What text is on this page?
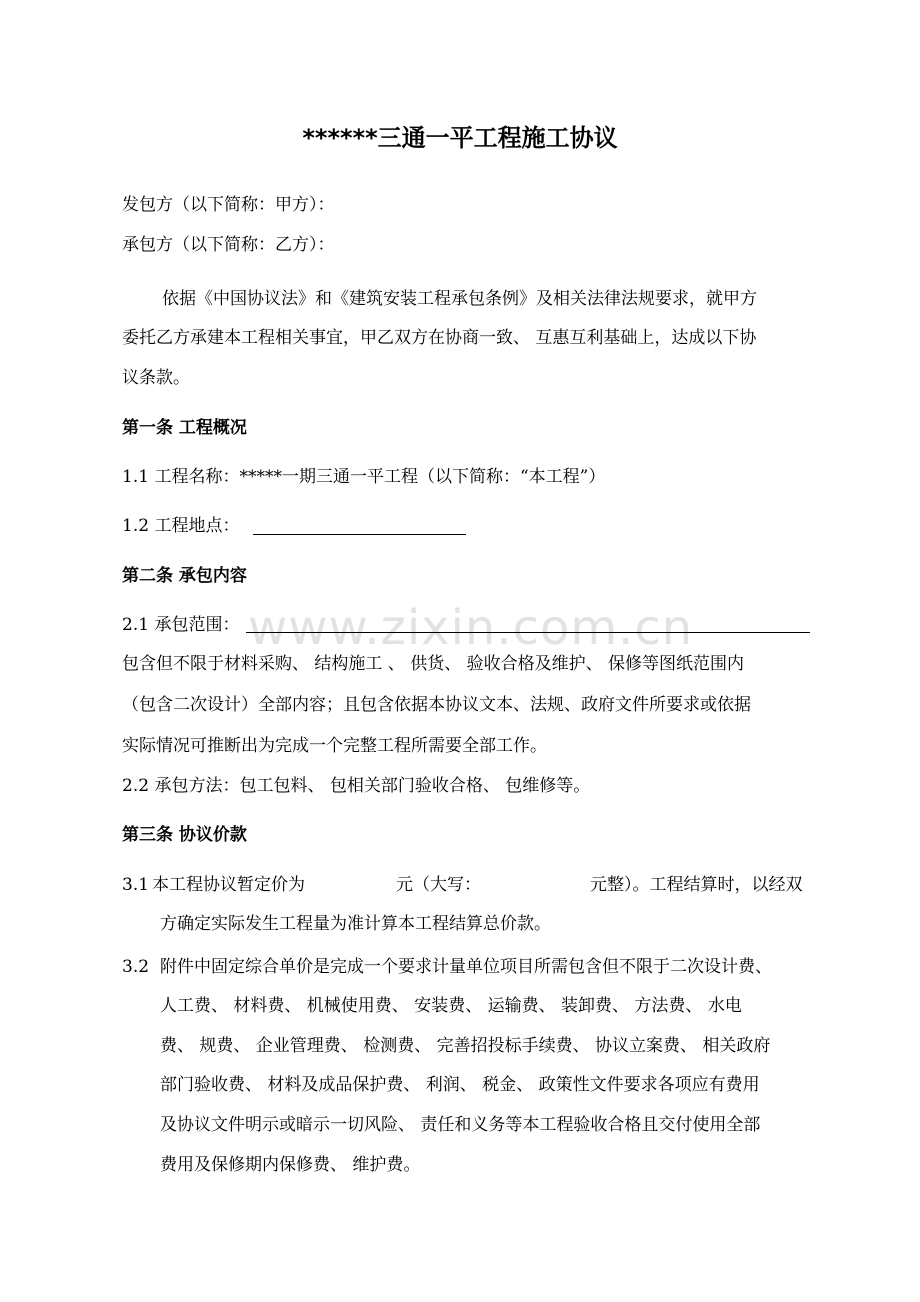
******三通一平工程施工协议
发包方（以下简称：甲方）：
承包方（以下简称：乙方）：
依据《中国协议法》和《建筑安装工程承包条例》及相关法律法规要求，就甲方
委托乙方承建本工程相关事宜，甲乙双方在协商一致、 互惠互利基础上，达成以下协
议条款。
第一条 工程概况
1.1 工程名称：*****一期三通一平工程（以下简称：“本工程”）
1.2 工程地点：
第二条 承包内容
www.zixin.com.cn
2.1 承包范围：
包含但不限于材料采购、 结构施工 、 供货、 验收合格及维护、 保修等图纸范围内
（包含二次设计）全部内容；且包含依据本协议文本、法规、政府文件所要求或依据
实际情况可推断出为完成一个完整工程所需要全部工作。
2.2 承包方法：包工包料、 包相关部门验收合格、 包维修等。
第三条 协议价款
3.1 本工程协议暂定价为	元（大写：	元整）。工程结算时，以经双
方确定实际发生工程量为准计算本工程结算总价款。
3.2 附件中固定综合单价是完成一个要求计量单位项目所需包含但不限于二次设计费、
人工费、 材料费、 机械使用费、 安装费、 运输费、 装卸费、 方法费、 水电
费、 规费、 企业管理费、 检测费、 完善招投标手续费、 协议立案费、 相关政府
部门验收费、 材料及成品保护费、 利润、 税金、 政策性文件要求各项应有费用
及协议文件明示或暗示一切风险、 责任和义务等本工程验收合格且交付使用全部
费用及保修期内保修费、 维护费。
